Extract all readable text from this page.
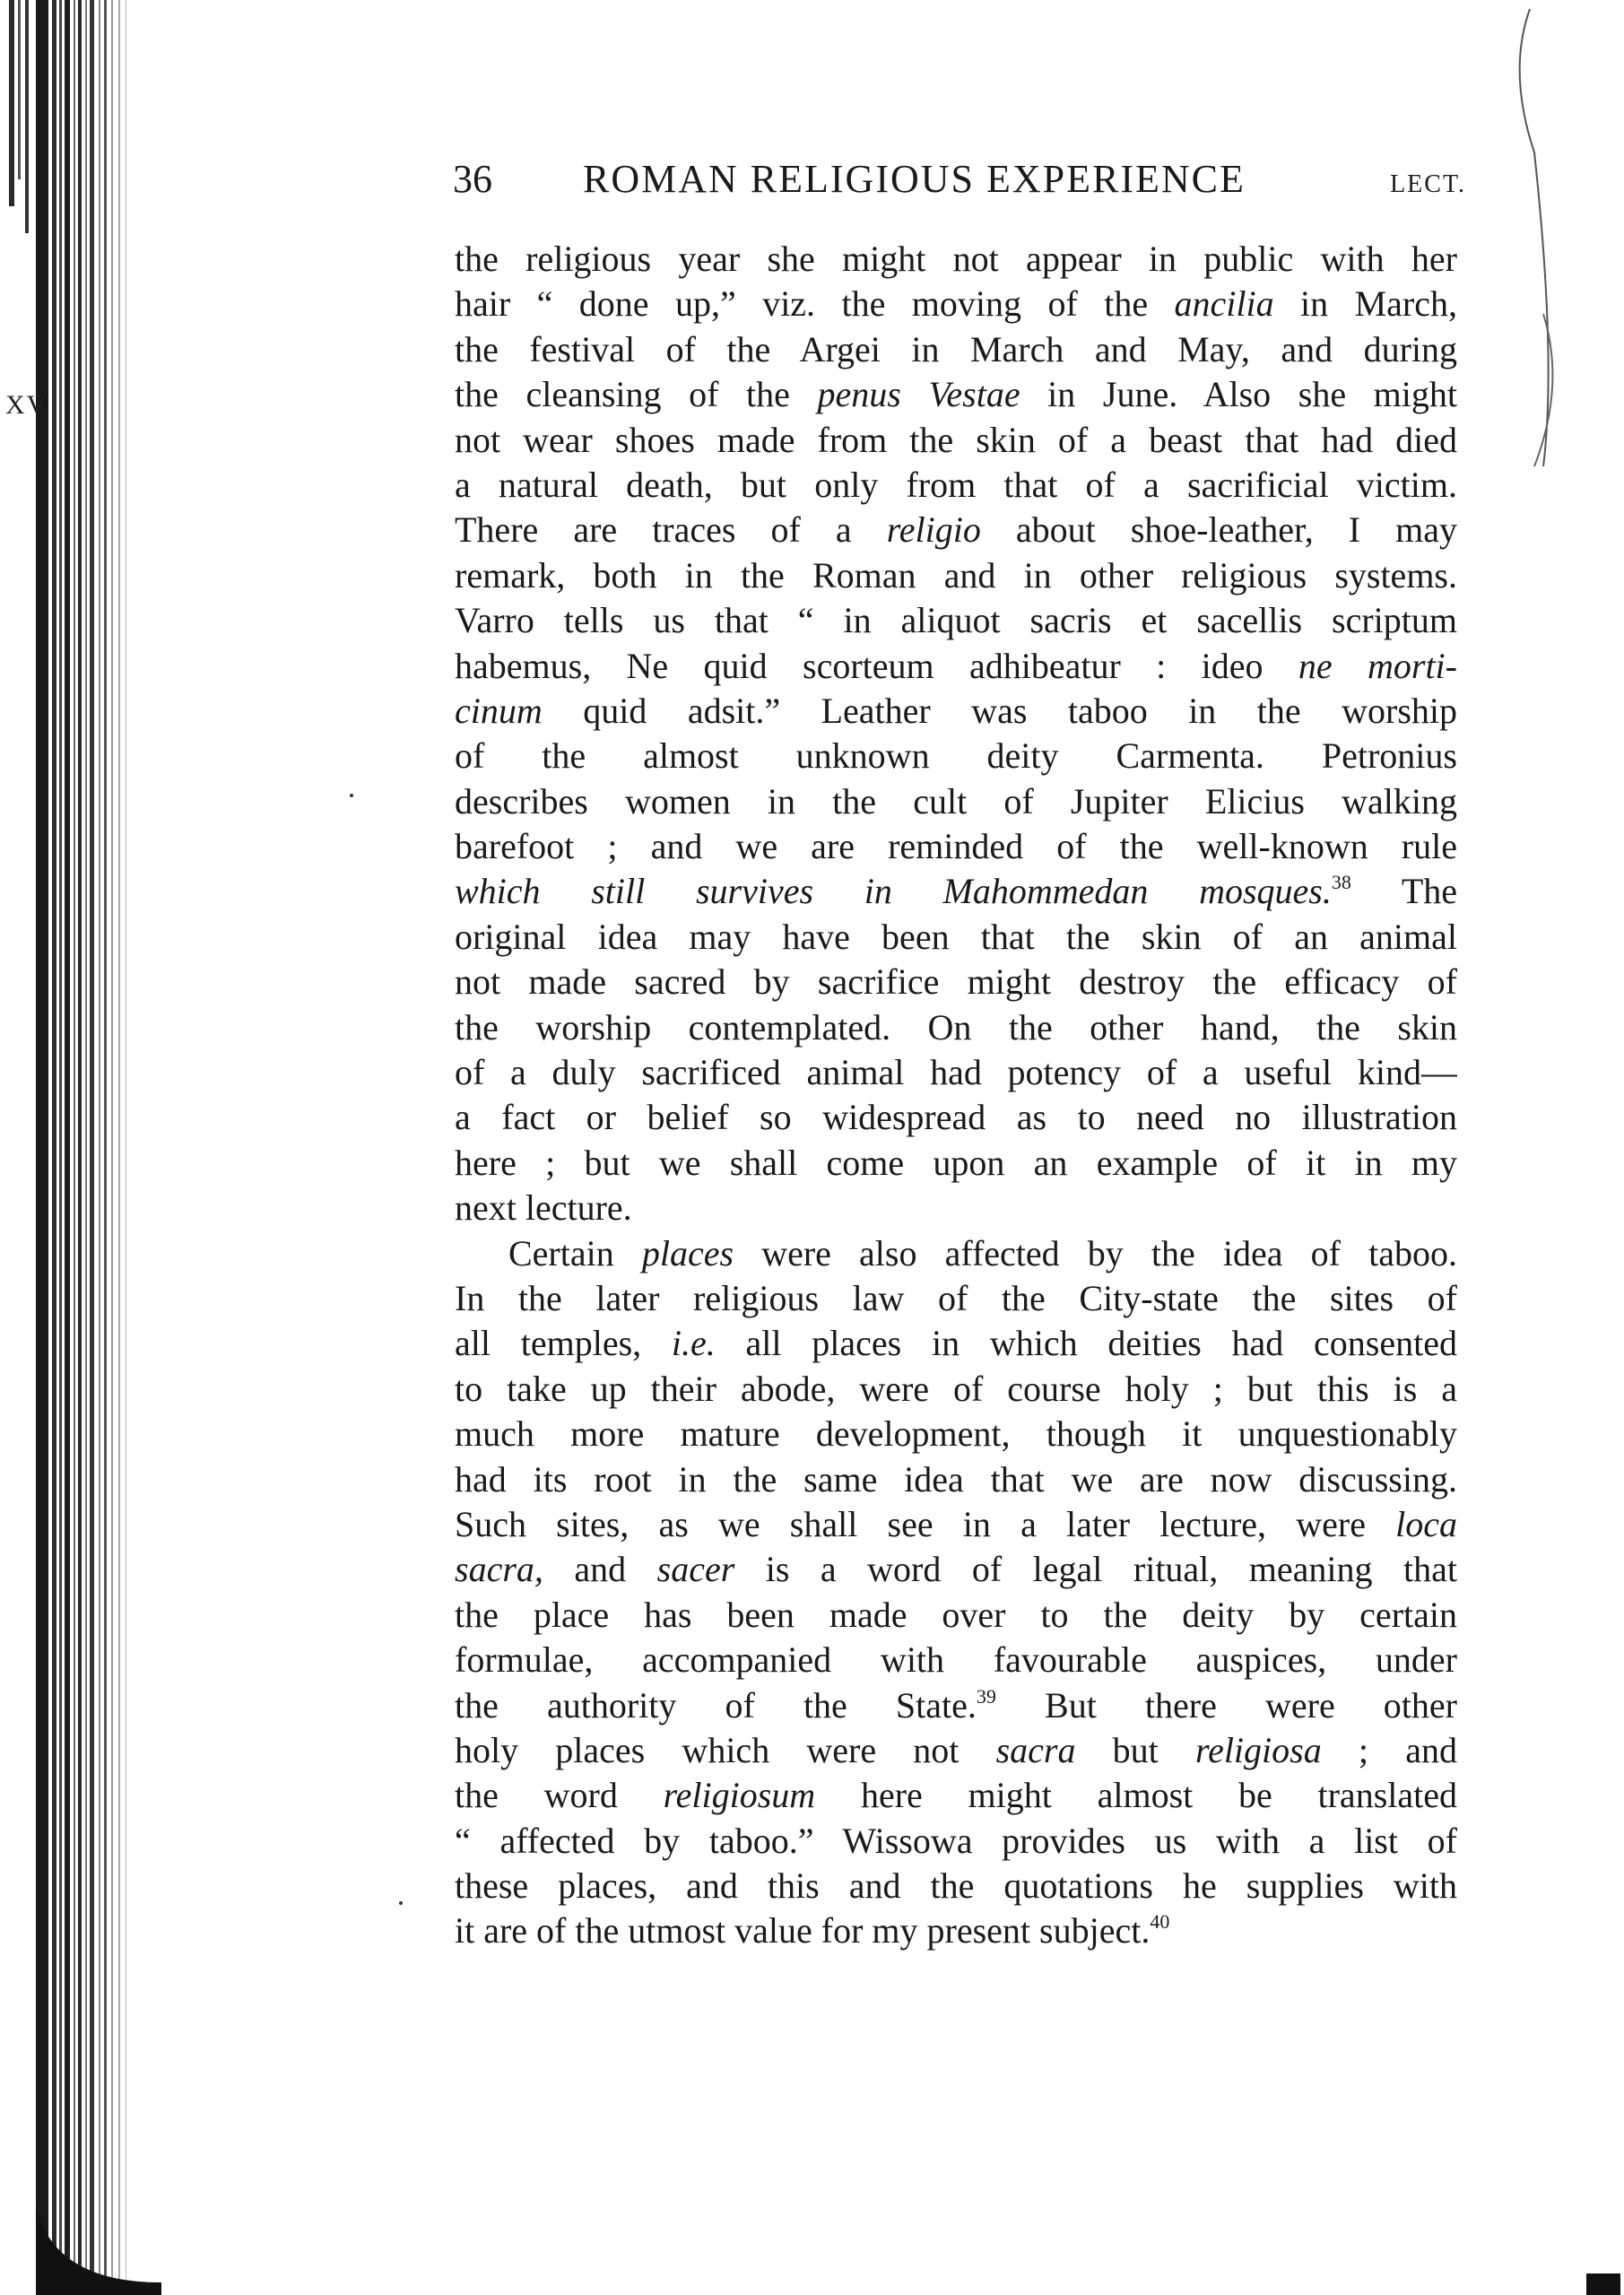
XV
36 ROMAN RELIGIOUS EXPERIENCE	LECT.
the religious year she might not appear in public with her
hair “ done up,” viz. the moving of the ancilia in March,
the festival of the Argei in March and May, and during
the cleansing of the penus Vestae in June. Also she might
not wear shoes made from the skin of a beast that had died
a natural death, but only from that of a sacrificial victim.
There are traces of a religio about shoe-leather, I may
remark, both in the Roman and in other religious systems.
Varro tells us that “ in aliquot sacris et sacellis scriptum
habemus, Ne quid scorteum adhibeatur : ideo ne morti-
cinum quid adsit.” Leather was taboo in the worship
of the almost unknown deity Carmenta. Petronius
describes women in the cult of Jupiter Elicius walking
barefoot ; and we are reminded of the well-known rule
which still survives in Mahommedan mosques.$^{38}$ The
original idea may have been that the skin of an animal
not made sacred by sacrifice might destroy the efficacy of
the worship contemplated. On the other hand, the skin
of a duly sacrificed animal had potency of a useful kind—
a fact or belief so widespread as to need no illustration
here ; but we shall come upon an example of it in my
next lecture.
Certain places were also affected by the idea of taboo.
In the later religious law of the City-state the sites of
all temples, i.e. all places in which deities had consented
to take up their abode, were of course holy ; but this is a
much more mature development, though it unquestionably
had its root in the same idea that we are now discussing.
Such sites, as we shall see in a later lecture, were loca
sacra, and sacer is a word of legal ritual, meaning that
the place has been made over to the deity by certain
formulae, accompanied with favourable auspices, under
the authority of the State.$^{39}$ But there were other
holy places which were not sacra but religiosa ; and
the word religiosum here might almost be translated
“ affected by taboo.” Wissowa provides us with a list of
these places, and this and the quotations he supplies with
it are of the utmost value for my present subject.$^{40}$
